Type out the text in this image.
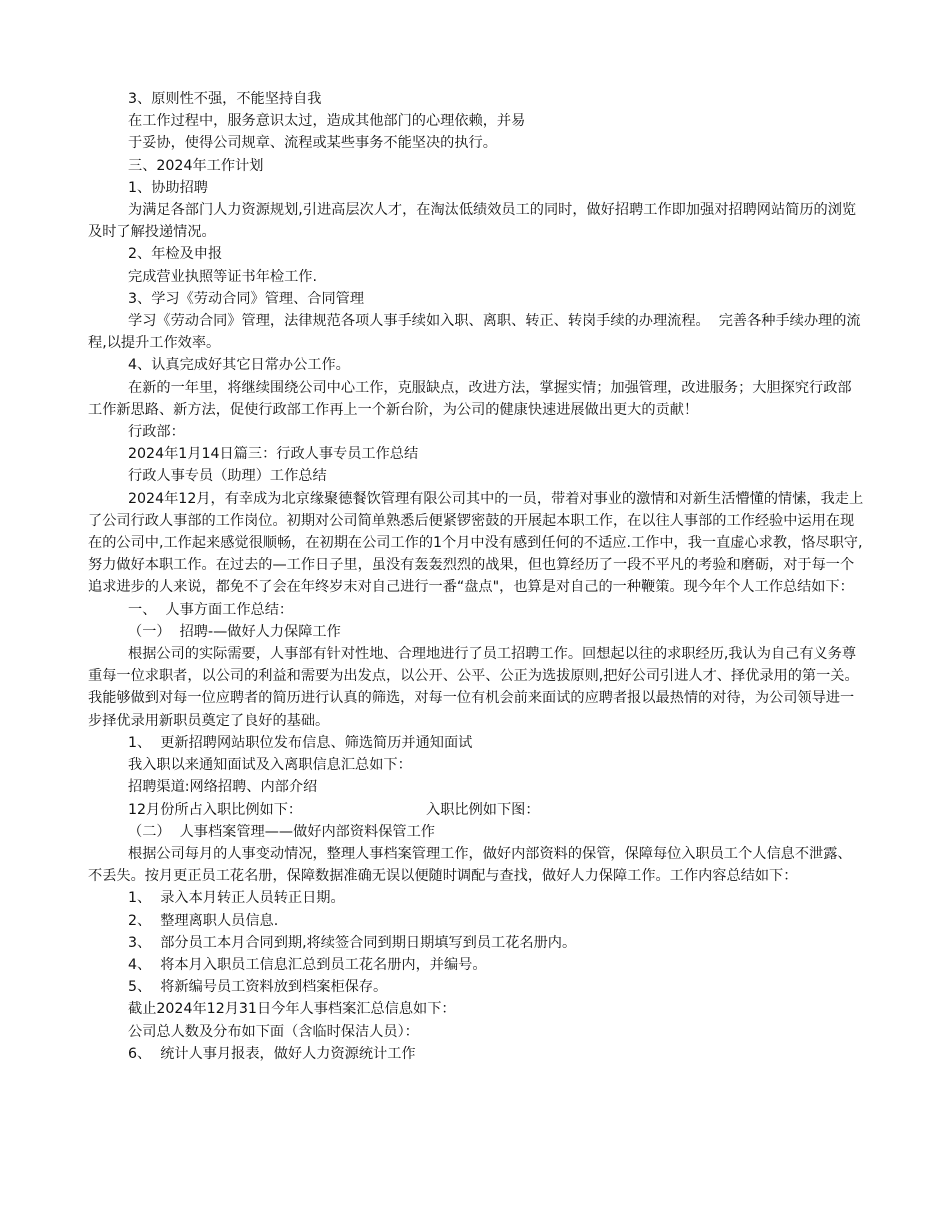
3、原则性不强，不能坚持自我

在工作过程中，服务意识太过，造成其他部门的心理依赖，并易

于妥协，使得公司规章、流程或某些事务不能坚决的执行。

三、2024年工作计划

1、协助招聘

为满足各部门人力资源规划,引进高层次人才，在淘汰低绩效员工的同时，做好招聘工作即加强对招聘网站简历的浏览及时了解投递情况。

2、年检及申报

完成营业执照等证书年检工作.

3、学习《劳动合同》管理、合同管理

学习《劳动合同》管理，法律规范各项人事手续如入职、离职、转正、转岗手续的办理流程。  完善各种手续办理的流程,以提升工作效率。

4、认真完成好其它日常办公工作。

在新的一年里，将继续围绕公司中心工作，克服缺点，改进方法，掌握实情；加强管理，改进服务；大胆探究行政部工作新思路、新方法，促使行政部工作再上一个新台阶，为公司的健康快速进展做出更大的贡献！

行政部：

2024年1月14日篇三：行政人事专员工作总结

行政人事专员（助理）工作总结

2024年12月，有幸成为北京缘聚德餐饮管理有限公司其中的一员，带着对事业的激情和对新生活懵懂的情愫，我走上了公司行政人事部的工作岗位。初期对公司简单熟悉后便紧锣密鼓的开展起本职工作，在以往人事部的工作经验中运用在现在的公司中,工作起来感觉很顺畅，在初期在公司工作的1个月中没有感到任何的不适应.工作中，我一直虚心求教，恪尽职守,努力做好本职工作。在过去的—工作日子里，虽没有轰轰烈烈的战果，但也算经历了一段不平凡的考验和磨砺，对于每一个追求进步的人来说，都免不了会在年终岁末对自己进行一番“盘点"，也算是对自己的一种鞭策。现今年个人工作总结如下：

一、  人事方面工作总结：

（一）  招聘-—做好人力保障工作

根据公司的实际需要，人事部有针对性地、合理地进行了员工招聘工作。回想起以往的求职经历,我认为自己有义务尊重每一位求职者，以公司的利益和需要为出发点，以公开、公平、公正为选拔原则,把好公司引进人才、择优录用的第一关。我能够做到对每一位应聘者的简历进行认真的筛选，对每一位有机会前来面试的应聘者报以最热情的对待，为公司领导进一步择优录用新职员奠定了良好的基础。

1、  更新招聘网站职位发布信息、筛选简历并通知面试

我入职以来通知面试及入离职信息汇总如下：

招聘渠道:网络招聘、内部介绍

12月份所占入职比例如下：	入职比例如下图：

（二）  人事档案管理——做好内部资料保管工作

根据公司每月的人事变动情况，整理人事档案管理工作，做好内部资料的保管，保障每位入职员工个人信息不泄露、不丢失。按月更正员工花名册，保障数据准确无误以便随时调配与查找，做好人力保障工作。工作内容总结如下：

1、  录入本月转正人员转正日期。

2、  整理离职人员信息.

3、  部分员工本月合同到期,将续签合同到期日期填写到员工花名册内。

4、  将本月入职员工信息汇总到员工花名册内，并编号。

5、  将新编号员工资料放到档案柜保存。

截止2024年12月31日今年人事档案汇总信息如下：

公司总人数及分布如下面（含临时保洁人员）：

6、  统计人事月报表，做好人力资源统计工作
